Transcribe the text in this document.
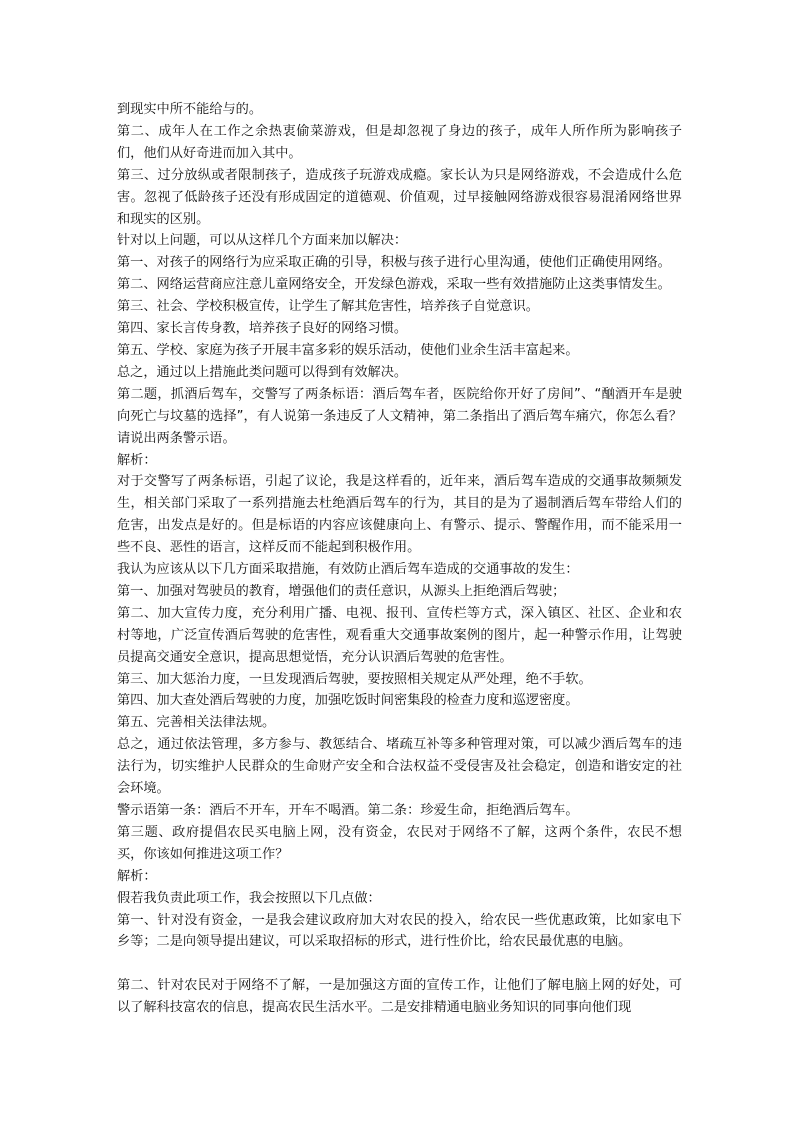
到现实中所不能给与的。

第二、成年人在工作之余热衷偷菜游戏，但是却忽视了身边的孩子，成年人所作所为影响孩子们，他们从好奇进而加入其中。

第三、过分放纵或者限制孩子，造成孩子玩游戏成瘾。家长认为只是网络游戏，不会造成什么危害。忽视了低龄孩子还没有形成固定的道德观、价值观，过早接触网络游戏很容易混淆网络世界和现实的区别。

针对以上问题，可以从这样几个方面来加以解决：

第一、对孩子的网络行为应采取正确的引导，积极与孩子进行心里沟通，使他们正确使用网络。

第二、网络运营商应注意儿童网络安全，开发绿色游戏，采取一些有效措施防止这类事情发生。

第三、社会、学校积极宣传，让学生了解其危害性，培养孩子自觉意识。

第四、家长言传身教，培养孩子良好的网络习惯。

第五、学校、家庭为孩子开展丰富多彩的娱乐活动，使他们业余生活丰富起来。

总之，通过以上措施此类问题可以得到有效解决。

第二题，抓酒后驾车，交警写了两条标语：酒后驾车者，医院给你开好了房间”、“酗酒开车是驶向死亡与坟墓的选择”，有人说第一条违反了人文精神，第二条指出了酒后驾车痛穴，你怎么看？请说出两条警示语。

解析：

对于交警写了两条标语，引起了议论，我是这样看的，近年来，酒后驾车造成的交通事故频频发生，相关部门采取了一系列措施去杜绝酒后驾车的行为，其目的是为了遏制酒后驾车带给人们的危害，出发点是好的。但是标语的内容应该健康向上、有警示、提示、警醒作用，而不能采用一些不良、恶性的语言，这样反而不能起到积极作用。

我认为应该从以下几方面采取措施，有效防止酒后驾车造成的交通事故的发生：

第一、加强对驾驶员的教育，增强他们的责任意识，从源头上拒绝酒后驾驶；

第二、加大宣传力度，充分利用广播、电视、报刊、宣传栏等方式，深入镇区、社区、企业和农村等地，广泛宣传酒后驾驶的危害性，观看重大交通事故案例的图片，起一种警示作用，让驾驶员提高交通安全意识，提高思想觉悟，充分认识酒后驾驶的危害性。

第三、加大惩治力度，一旦发现酒后驾驶，要按照相关规定从严处理，绝不手软。

第四、加大查处酒后驾驶的力度，加强吃饭时间密集段的检查力度和巡逻密度。

第五、完善相关法律法规。

总之，通过依法管理，多方参与、教惩结合、堵疏互补等多种管理对策，可以减少酒后驾车的违法行为，切实维护人民群众的生命财产安全和合法权益不受侵害及社会稳定，创造和谐安定的社会环境。

警示语第一条：酒后不开车，开车不喝酒。第二条：珍爱生命，拒绝酒后驾车。

第三题、政府提倡农民买电脑上网，没有资金，农民对于网络不了解，这两个条件，农民不想买，你该如何推进这项工作？

解析：

假若我负责此项工作，我会按照以下几点做：

第一、针对没有资金，一是我会建议政府加大对农民的投入，给农民一些优惠政策，比如家电下乡等；二是向领导提出建议，可以采取招标的形式，进行性价比，给农民最优惠的电脑。

第二、针对农民对于网络不了解，一是加强这方面的宣传工作，让他们了解电脑上网的好处，可以了解科技富农的信息，提高农民生活水平。二是安排精通电脑业务知识的同事向他们现
